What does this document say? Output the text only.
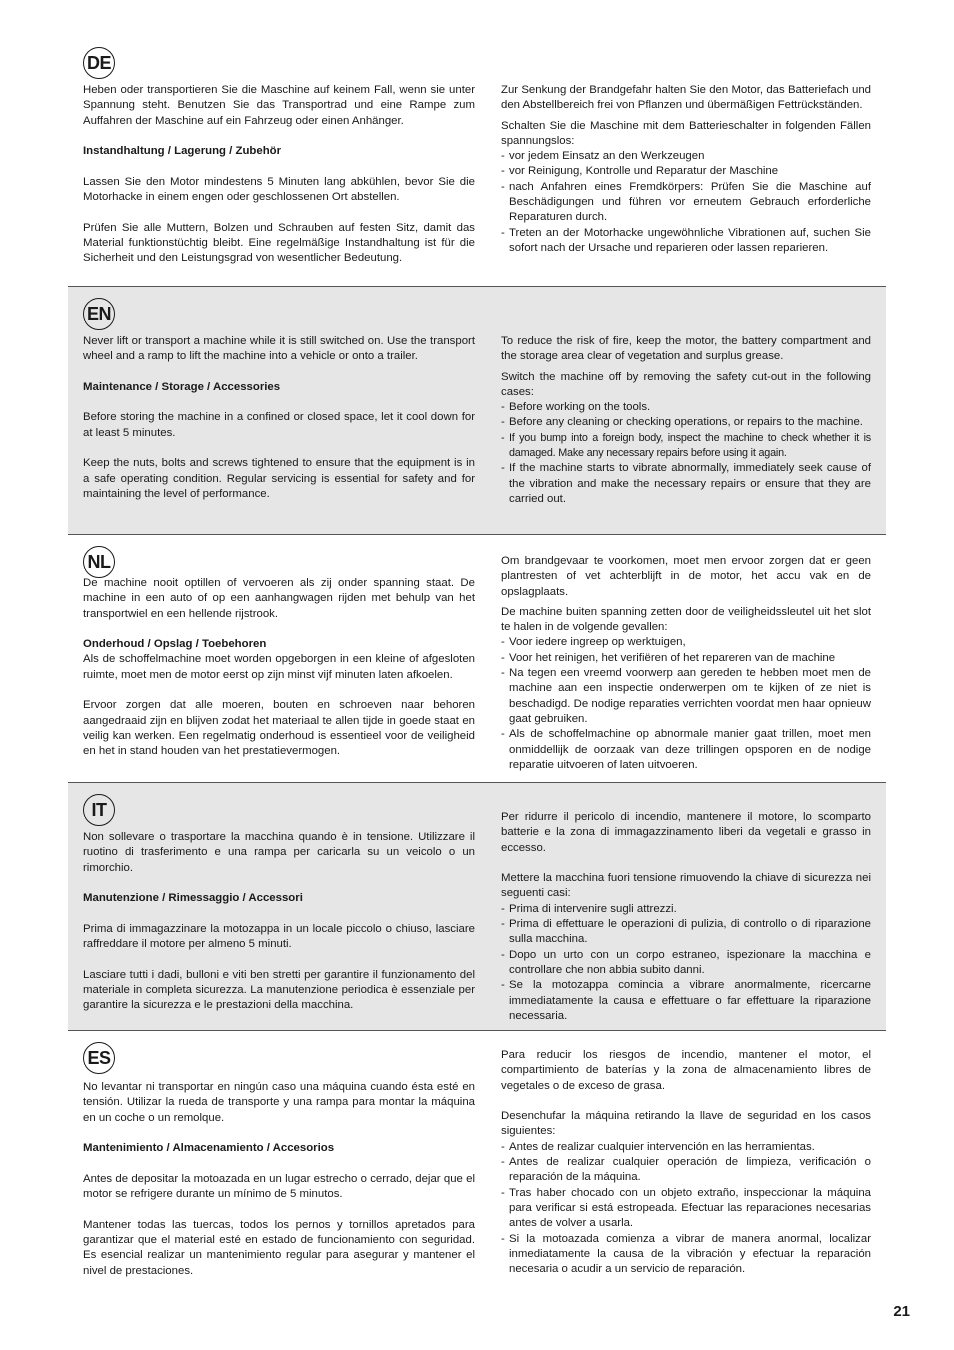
DE

Heben oder transportieren Sie die Maschine auf keinem Fall, wenn sie unter Spannung steht. Benutzen Sie das Transportrad und eine Rampe zum Auffahren der Maschine auf ein Fahrzeug oder einen Anhänger.

Instandhaltung / Lagerung / Zubehör

Lassen Sie den Motor mindestens 5 Minuten lang abkühlen, bevor Sie die Motorhacke in einem engen oder geschlossenen Ort abstellen.

Prüfen Sie alle Muttern, Bolzen und Schrauben auf festen Sitz, damit das Material funktionstüchtig bleibt. Eine regelmäßige Instandhaltung ist für die Sicherheit und den Leistungsgrad von wesentlicher Bedeutung.

Zur Senkung der Brandgefahr halten Sie den Motor, das Batteriefach und den Abstellbereich frei von Pflanzen und übermäßigen Fettrückständen.

Schalten Sie die Maschine mit dem Batterieschalter in folgenden Fällen spannungslos:

- vor jedem Einsatz an den Werkzeugen
- vor Reinigung, Kontrolle und Reparatur der Maschine
- nach Anfahren eines Fremdkörpers: Prüfen Sie die Maschine auf Beschädigungen und führen vor erneutem Gebrauch erforderliche Reparaturen durch.
- Treten an der Motorhacke ungewöhnliche Vibrationen auf, suchen Sie sofort nach der Ursache und reparieren oder lassen reparieren.
EN

Never lift or transport a machine while it is still switched on. Use the transport wheel and a ramp to lift the machine into a vehicle or onto a trailer.

Maintenance / Storage / Accessories

Before storing the machine in a confined or closed space, let it cool down for at least 5 minutes.

Keep the nuts, bolts and screws tightened to ensure that the equipment is in a safe operating condition. Regular servicing is essential for safety and for maintaining the level of performance.

To reduce the risk of fire, keep the motor, the battery compartment and the storage area clear of vegetation and surplus grease.

Switch the machine off by removing the safety cut-out in the following cases:

- Before working on the tools.
- Before any cleaning or checking operations, or repairs to the machine.
- If you bump into a foreign body, inspect the machine to check whether it is damaged. Make any necessary repairs before using it again.
- If the machine starts to vibrate abnormally, immediately seek cause of the vibration and make the necessary repairs or ensure that they are carried out.
NL

De machine nooit optillen of vervoeren als zij onder spanning staat. De machine in een auto of op een aanhangwagen rijden met behulp van het transportwiel en een hellende rijstrook.

Onderhoud / Opslag / Toebehoren

Als de schoffelmachine moet worden opgeborgen in een kleine of afgesloten ruimte, moet men de motor eerst op zijn minst vijf minuten laten afkoelen.

Ervoor zorgen dat alle moeren, bouten en schroeven naar behoren aangedraaid zijn en blijven zodat het materiaal te allen tijde in goede staat en veilig kan werken. Een regelmatig onderhoud is essentieel voor de veiligheid en het in stand houden van het prestatievermogen.

Om brandgevaar te voorkomen, moet men ervoor zorgen dat er geen plantresten of vet achterblijft in de motor, het accu vak en de opslagplaats.

De machine buiten spanning zetten door de veiligheidssleutel uit het slot te halen in de volgende gevallen:

- Voor iedere ingreep op werktuigen,
- Voor het reinigen, het verifiëren of het repareren van de machine
- Na tegen een vreemd voorwerp aan gereden te hebben moet men de machine aan een inspectie onderwerpen om te kijken of ze niet is beschadigd. De nodige reparaties verrichten voordat men haar opnieuw gaat gebruiken.
- Als de schoffelmachine op abnormale manier gaat trillen, moet men onmiddellijk de oorzaak van deze trillingen opsporen en de nodige reparatie uitvoeren of laten uitvoeren.
IT

Non sollevare o trasportare la macchina quando è in tensione. Utilizzare il ruotino di trasferimento e una rampa per caricarla su un veicolo o un rimorchio.

Manutenzione / Rimessaggio / Accessori

Prima di immagazzinare la motozappa in un locale piccolo o chiuso, lasciare raffreddare il motore per almeno 5 minuti.

Lasciare tutti i dadi, bulloni e viti ben stretti per garantire il funzionamento del materiale in completa sicurezza. La manutenzione periodica è essenziale per garantire la sicurezza e le prestazioni della macchina.

Per ridurre il pericolo di incendio, mantenere il motore, lo scomparto batterie e la zona di immagazzinamento liberi da vegetali e grasso in eccesso.

Mettere la macchina fuori tensione rimuovendo la chiave di sicurezza nei seguenti casi:

- Prima di intervenire sugli attrezzi.
- Prima di effettuare le operazioni di pulizia, di controllo o di riparazione sulla macchina.
- Dopo un urto con un corpo estraneo, ispezionare la macchina e controllare che non abbia subito danni.
- Se la motozappa comincia a vibrare anormalmente, ricercarne immediatamente la causa e effettuare o far effettuare la riparazione necessaria.
ES

No levantar ni transportar en ningún caso una máquina cuando ésta esté en tensión. Utilizar la rueda de transporte y una rampa para montar la máquina en un coche o un remolque.

Mantenimiento / Almacenamiento / Accesorios

Antes de depositar la motoazada en un lugar estrecho o cerrado, dejar que el motor se refrigere durante un mínimo de 5 minutos.

Mantener todas las tuercas, todos los pernos y tornillos apretados para garantizar que el material esté en estado de funcionamiento con seguridad. Es esencial realizar un mantenimiento regular para asegurar y mantener el nivel de prestaciones.

Para reducir los riesgos de incendio, mantener el motor, el compartimiento de baterías y la zona de almacenamiento libres de vegetales o de exceso de grasa.

Desenchufar la máquina retirando la llave de seguridad en los casos siguientes:

- Antes de realizar cualquier intervención en las herramientas.
- Antes de realizar cualquier operación de limpieza, verificación o reparación de la máquina.
- Tras haber chocado con un objeto extraño, inspeccionar la máquina para verificar si está estropeada. Efectuar las reparaciones necesarias antes de volver a usarla.
- Si la motoazada comienza a vibrar de manera anormal, localizar inmediatamente la causa de la vibración y efectuar la reparación necesaria o acudir a un servicio de reparación.
21
